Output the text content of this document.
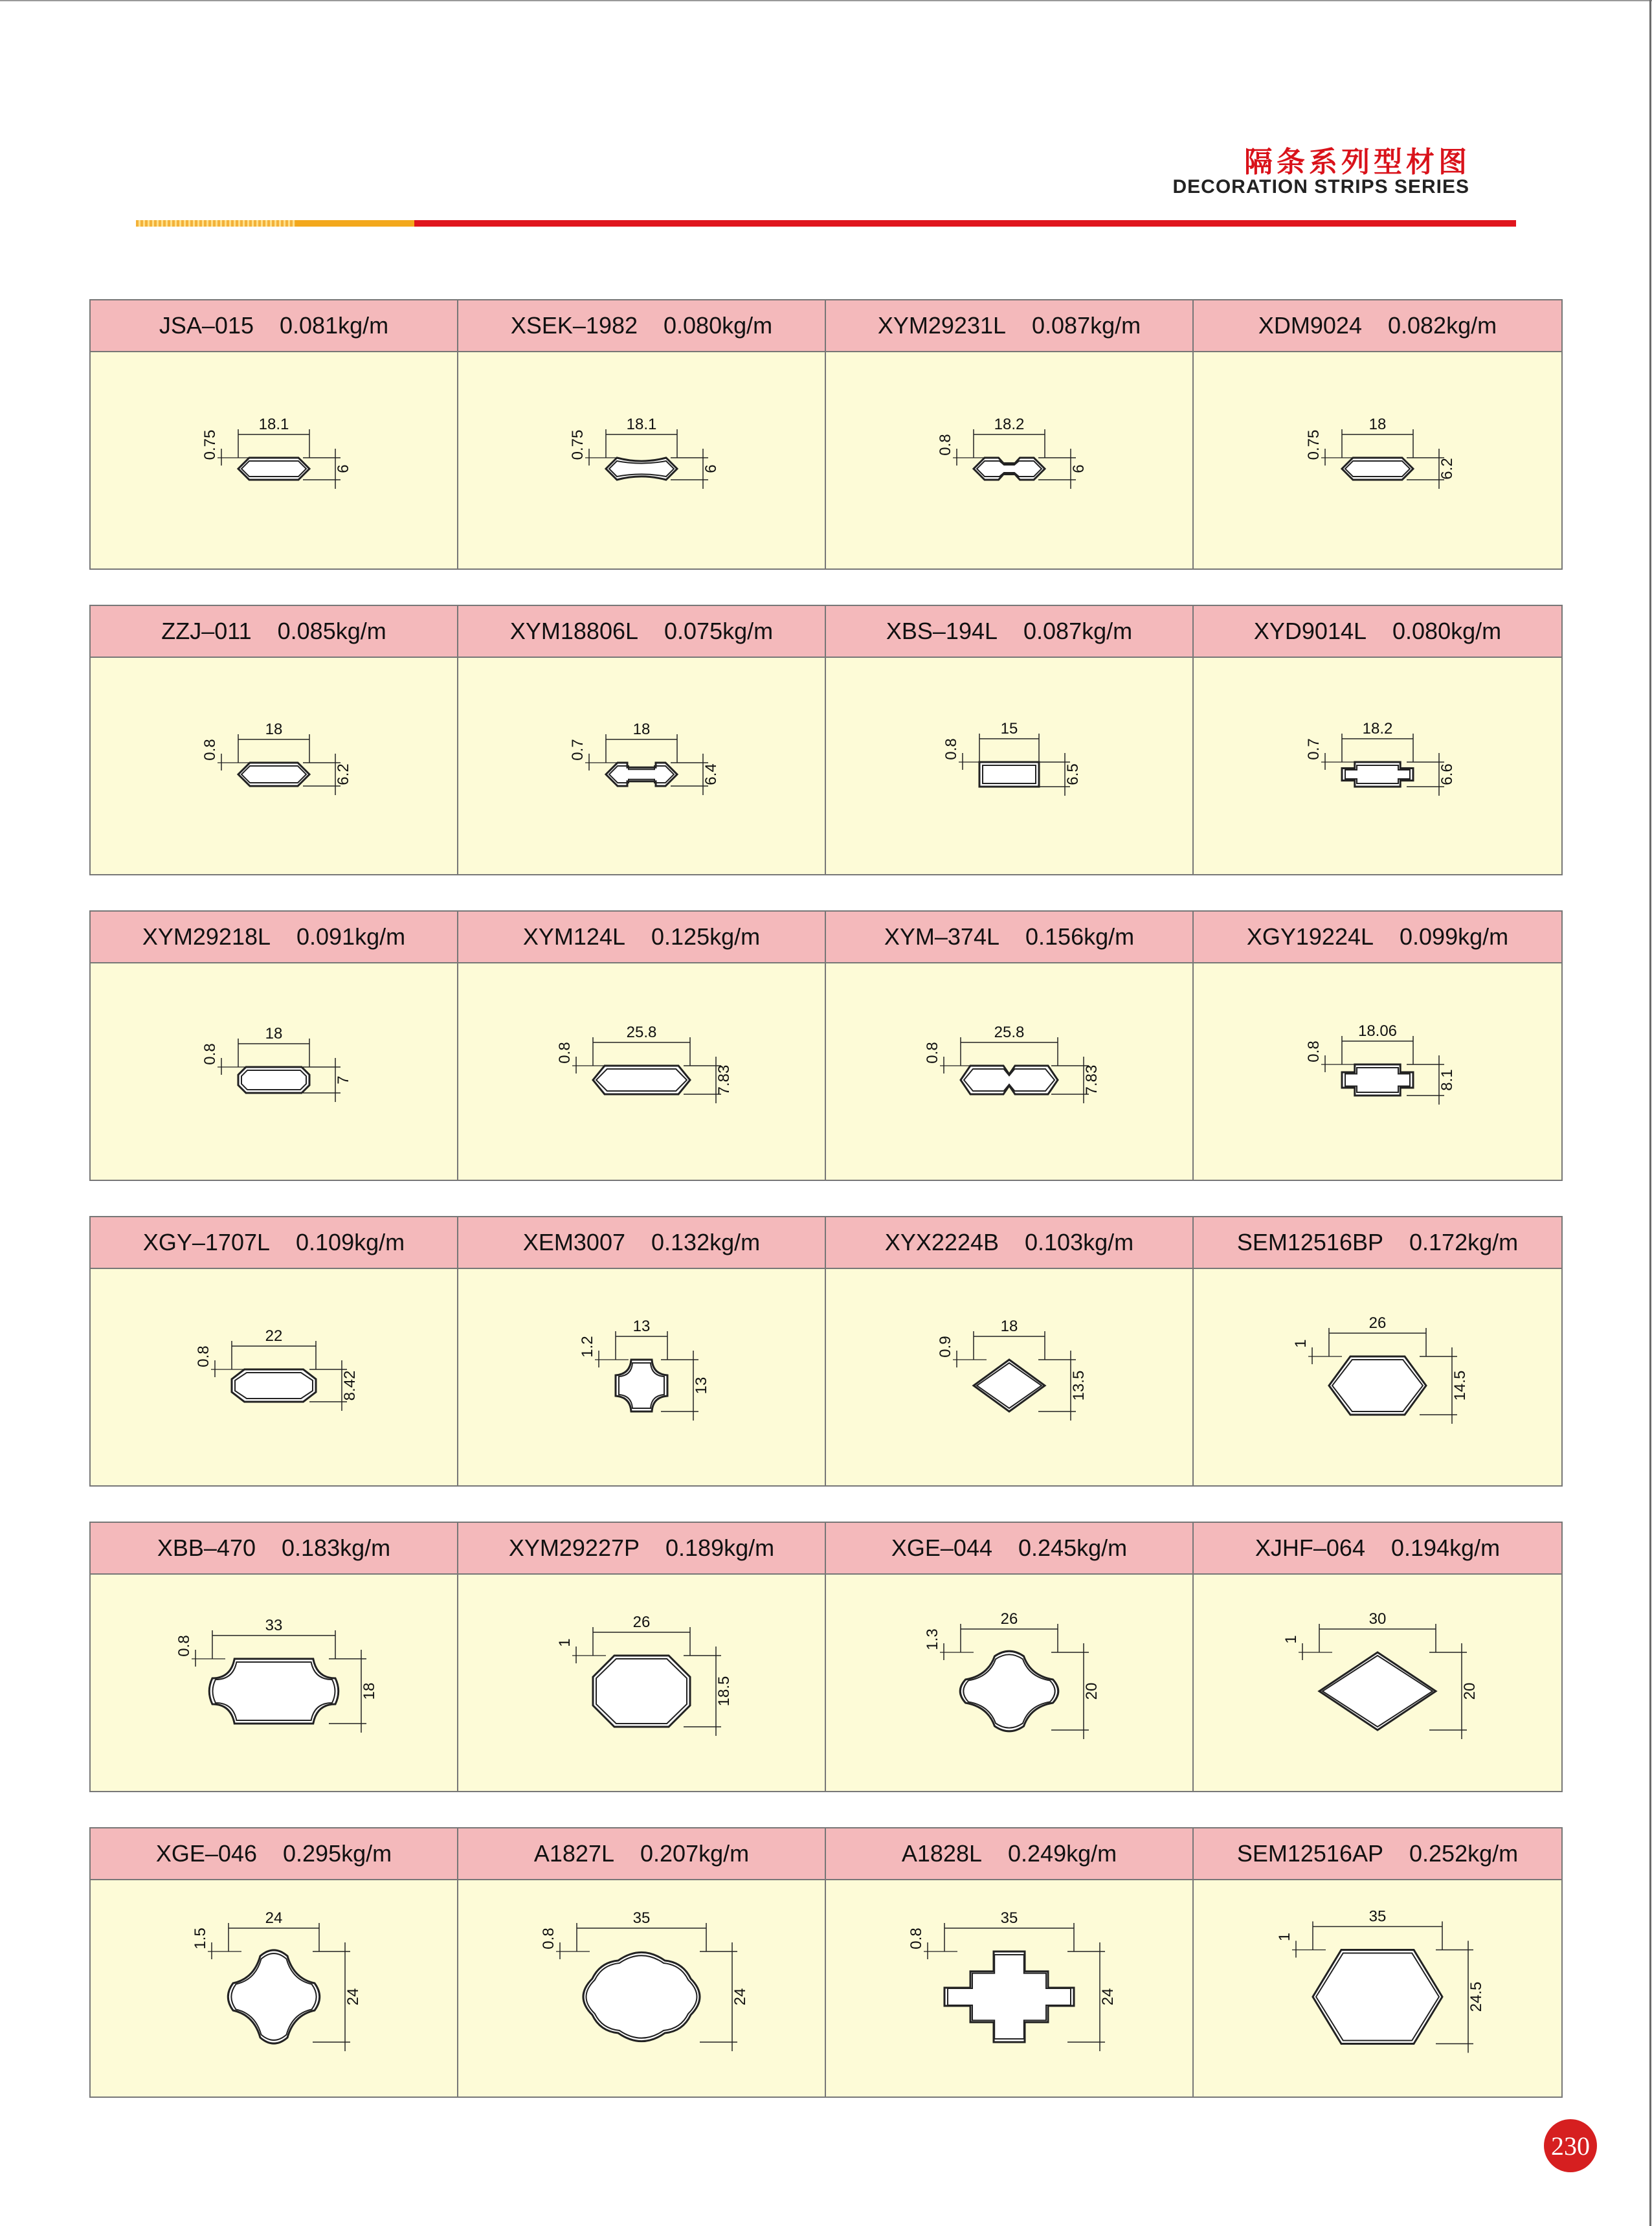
隔条系列型材图
DECORATION STRIPS SERIES
JSA–015 0.081kg/m
18.1
6
0.75
XSEK–1982 0.080kg/m
18.1
6
0.75
XYM29231L 0.087kg/m
18.2
6
0.8
XDM9024 0.082kg/m
18
6.2
0.75
ZZJ–011 0.085kg/m
18
6.2
0.8
XYM18806L 0.075kg/m
18
6.4
0.7
XBS–194L 0.087kg/m
15
6.5
0.8
XYD9014L 0.080kg/m
18.2
6.6
0.7
XYM29218L 0.091kg/m
18
7
0.8
XYM124L 0.125kg/m
25.8
7.83
0.8
XYM–374L 0.156kg/m
25.8
7.83
0.8
XGY19224L 0.099kg/m
18.06
8.1
0.8
XGY–1707L 0.109kg/m
22
8.42
0.8
XEM3007 0.132kg/m
13
13
1.2
XYX2224B 0.103kg/m
18
13.5
0.9
SEM12516BP 0.172kg/m
26
14.5
1
XBB–470 0.183kg/m
33
18
0.8
XYM29227P 0.189kg/m
26
18.5
1
XGE–044 0.245kg/m
26
20
1.3
XJHF–064 0.194kg/m
30
20
1
XGE–046 0.295kg/m
24
24
1.5
A1827L 0.207kg/m
35
24
0.8
A1828L 0.249kg/m
35
24
0.8
SEM12516AP 0.252kg/m
35
24.5
1
230
